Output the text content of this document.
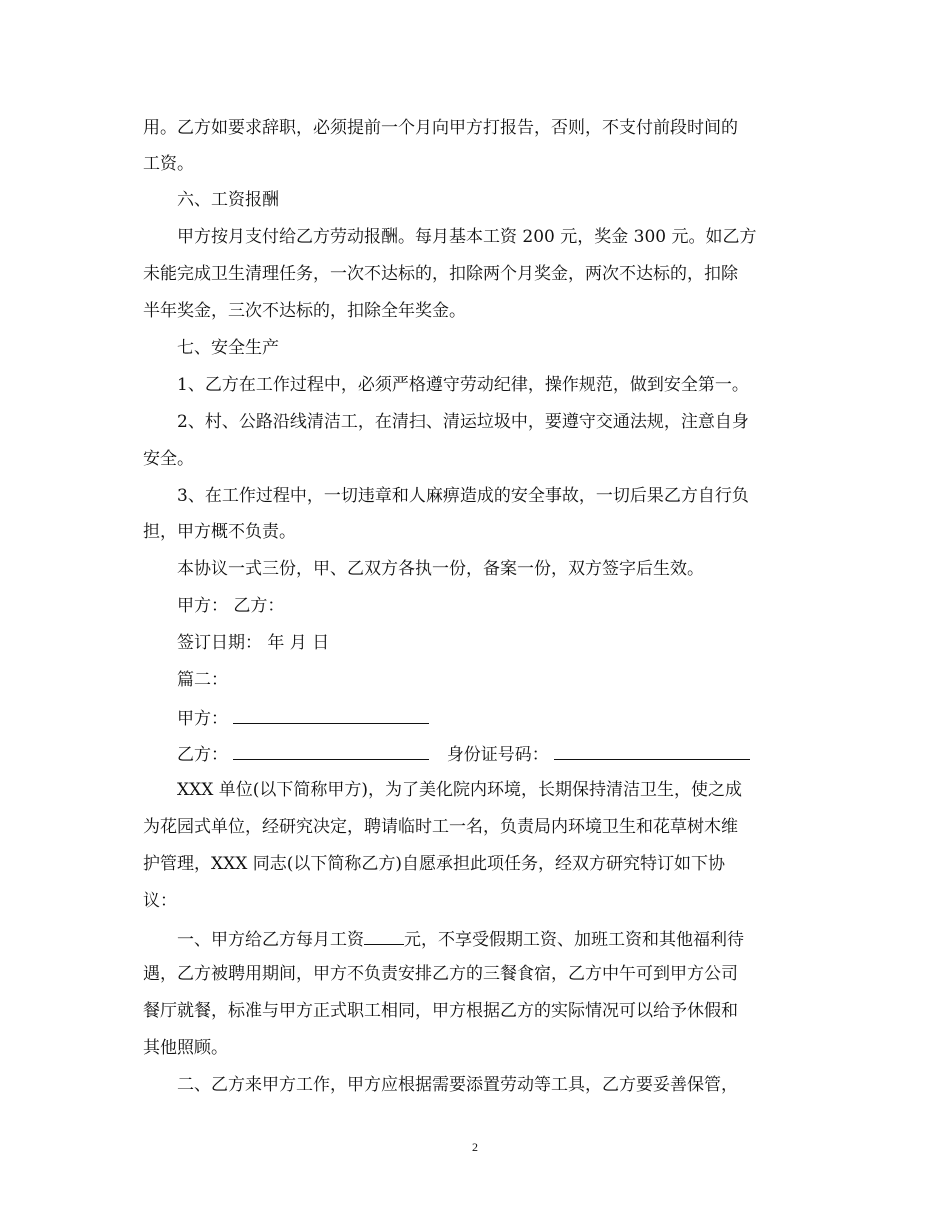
用。乙方如要求辞职，必须提前一个月向甲方打报告，否则，不支付前段时间的
工资。
六、工资报酬
甲方按月支付给乙方劳动报酬。每月基本工资 200 元，奖金 300 元。如乙方
未能完成卫生清理任务，一次不达标的，扣除两个月奖金，两次不达标的，扣除
半年奖金，三次不达标的，扣除全年奖金。
七、安全生产
1、乙方在工作过程中，必须严格遵守劳动纪律，操作规范，做到安全第一。
2、村、公路沿线清洁工，在清扫、清运垃圾中，要遵守交通法规，注意自身
安全。
3、在工作过程中，一切违章和人麻痹造成的安全事故，一切后果乙方自行负
担，甲方概不负责。
本协议一式三份，甲、乙双方各执一份，备案一份，双方签字后生效。
甲方： 乙方：
签订日期： 年 月 日
篇二：
甲方：
乙方：	身份证号码：
XXX 单位(以下简称甲方)，为了美化院内环境，长期保持清洁卫生，使之成
为花园式单位，经研究决定，聘请临时工一名，负责局内环境卫生和花草树木维
护管理，XXX 同志(以下简称乙方)自愿承担此项任务，经双方研究特订如下协
议：
一、甲方给乙方每月工资 元，不享受假期工资、加班工资和其他福利待
遇，乙方被聘用期间，甲方不负责安排乙方的三餐食宿，乙方中午可到甲方公司
餐厅就餐，标准与甲方正式职工相同，甲方根据乙方的实际情况可以给予休假和
其他照顾。
二、乙方来甲方工作，甲方应根据需要添置劳动等工具，乙方要妥善保管，
2
